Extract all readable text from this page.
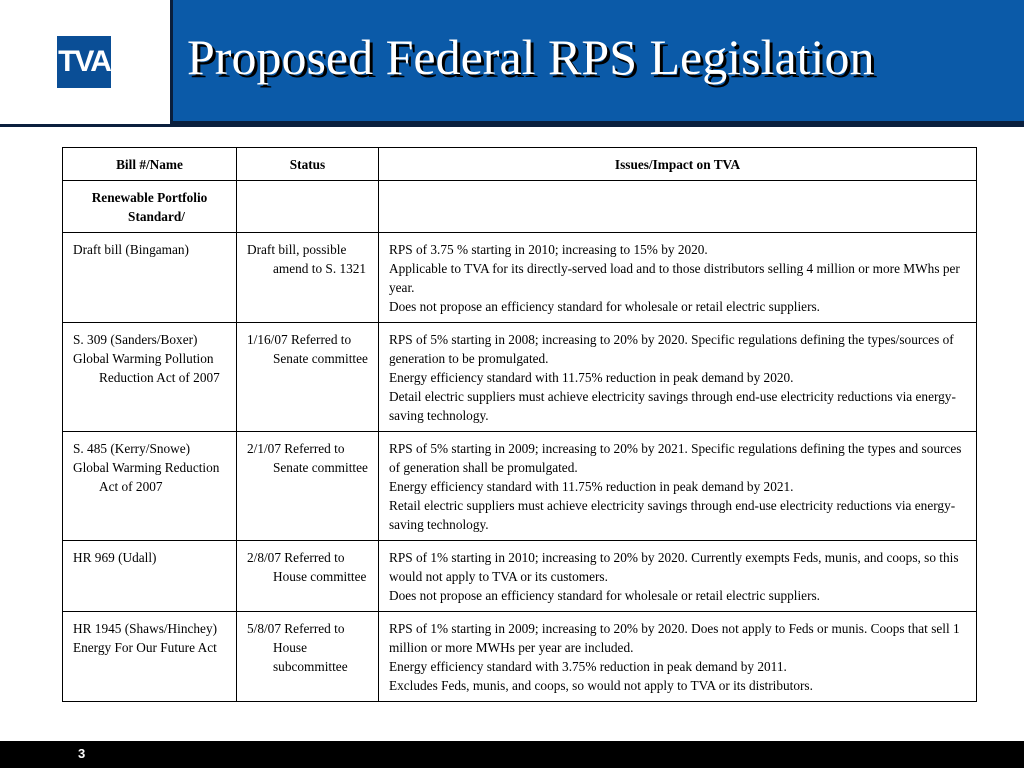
TVA Proposed Federal RPS Legislation
Bill #/Name	Status	Issues/Impact on TVA

Renewable Portfolio Standard/		

Draft bill (Bingaman)	Draft bill, possible amend to S. 1321	RPS of 3.75 % starting in 2010; increasing to 15% by 2020.
Applicable to TVA for its directly-served load and to those distributors selling 4 million or more MWhs per year.
Does not propose an efficiency standard for wholesale or retail electric suppliers.

S. 309 (Sanders/Boxer)
Global Warming Pollution Reduction Act of 2007	1/16/07 Referred to Senate committee	RPS of 5% starting in 2008; increasing to 20% by 2020. Specific regulations defining the types/sources of generation to be promulgated.
Energy efficiency standard with 11.75% reduction in peak demand by 2020.
Detail electric suppliers must achieve electricity savings through end-use electricity reductions via energy-saving technology.

S. 485 (Kerry/Snowe)
Global Warming Reduction Act of 2007	2/1/07 Referred to Senate committee	RPS of 5% starting in 2009; increasing to 20% by 2021. Specific regulations defining the types and sources of generation shall be promulgated.
Energy efficiency standard with 11.75% reduction in peak demand by 2021.
Retail electric suppliers must achieve electricity savings through end-use electricity reductions via energy-saving technology.

HR 969 (Udall)	2/8/07 Referred to House committee	RPS of 1% starting in 2010; increasing to 20% by 2020. Currently exempts Feds, munis, and coops, so this would not apply to TVA or its customers.
Does not propose an efficiency standard for wholesale or retail electric suppliers.

HR 1945 (Shaws/Hinchey)
Energy For Our Future Act	5/8/07 Referred to House subcommittee	RPS of 1% starting in 2009; increasing to 20% by 2020. Does not apply to Feds or munis. Coops that sell 1 million or more MWHs per year are included.
Energy efficiency standard with 3.75% reduction in peak demand by 2011.
Excludes Feds, munis, and coops, so would not apply to TVA or its distributors.
3
